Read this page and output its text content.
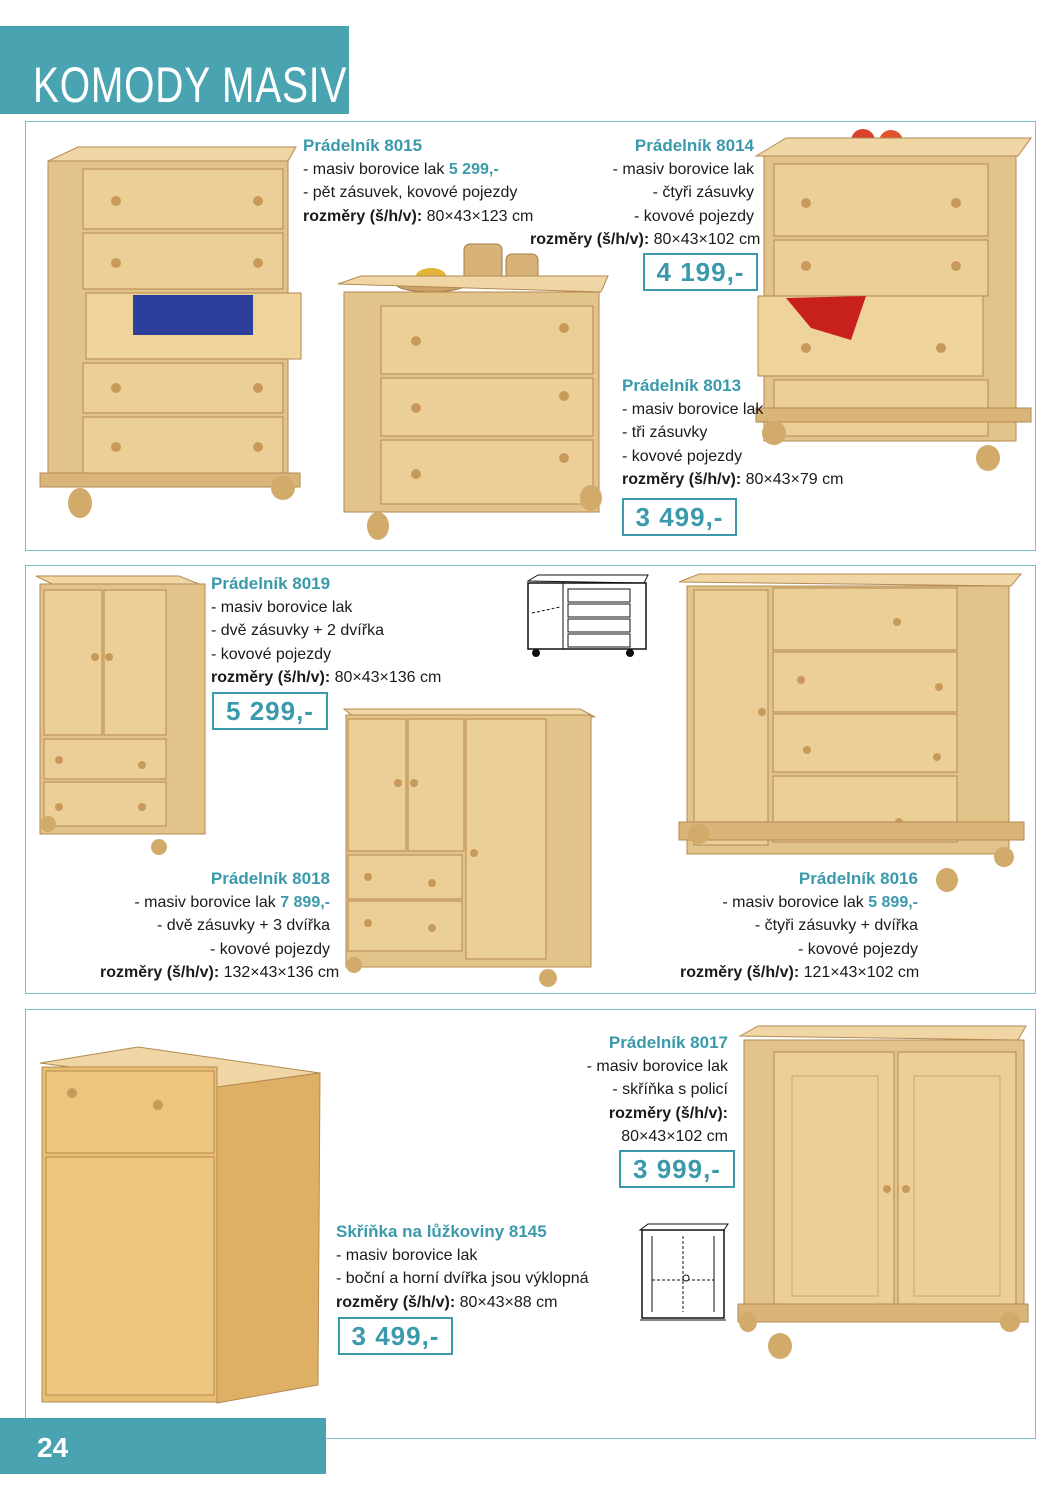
KOMODY MASIV
www.idea-nabytek.cz
Prádelník 8015
- masiv borovice lak 5 299,-
- pět zásuvek, kovové pojezdy
rozměry (š/h/v): 80×43×123 cm
Prádelník 8014
- masiv borovice lak
- čtyři zásuvky
- kovové pojezdy
rozměry (š/h/v): 80×43×102 cm
4 199,-
Prádelník 8013
- masiv borovice lak
- tři zásuvky
- kovové pojezdy
rozměry (š/h/v): 80×43×79 cm
3 499,-
Prádelník 8019
- masiv borovice lak
- dvě zásuvky + 2 dvířka
- kovové pojezdy
rozměry (š/h/v): 80×43×136 cm
5 299,-
Prádelník 8018
- masiv borovice lak 7 899,-
- dvě zásuvky + 3 dvířka
- kovové pojezdy
rozměry (š/h/v): 132×43×136 cm
Prádelník 8016
- masiv borovice lak 5 899,-
- čtyři zásuvky + dvířka
- kovové pojezdy
rozměry (š/h/v): 121×43×102 cm
Prádelník 8017
- masiv borovice lak
- skříňka s policí
rozměry (š/h/v):
80×43×102 cm
3 999,-
Skříňka na lůžkoviny 8145
- masiv borovice lak
- boční a horní dvířka jsou výklopná
rozměry (š/h/v): 80×43×88 cm
3 499,-
24
